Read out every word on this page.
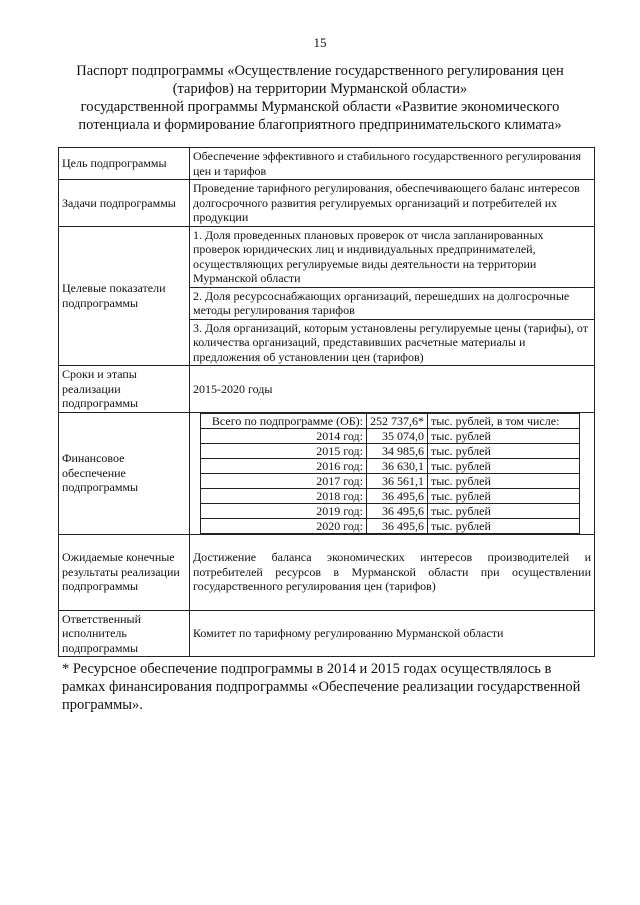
15
Паспорт подпрограммы «Осуществление государственного регулирования цен
(тарифов) на территории Мурманской области»
государственной программы Мурманской области «Развитие экономического
потенциала и формирование благоприятного предпринимательского климата»
Цель подпрограммы	Обеспечение эффективного и стабильного государственного регулирования цен и тарифов
Задачи подпрограммы	Проведение тарифного регулирования, обеспечивающего баланс интересов долгосрочного развития регулируемых организаций и потребителей их продукции
Целевые показатели подпрограммы	1. Доля проведенных плановых проверок от числа запланированных проверок юридических лиц и индивидуальных предпринимателей, осуществляющих регулируемые виды деятельности на территории Мурманской области
2. Доля ресурсоснабжающих организаций, перешедших на долгосрочные методы регулирования тарифов
3. Доля организаций, которым установлены регулируемые цены (тарифы), от количества организаций, представивших расчетные материалы и предложения об установлении цен (тарифов)
Сроки и этапы реализации подпрограммы	2015-2020 годы
Финансовое обеспечение подпрограммы	
Всего по подпрограмме (ОБ):	252 737,6*	тыс. рублей, в том числе:
2014 год:	35 074,0	тыс. рублей
2015 год:	34 985,6	тыс. рублей
2016 год:	36 630,1	тыс. рублей
2017 год:	36 561,1	тыс. рублей
2018 год:	36 495,6	тыс. рублей
2019 год:	36 495,6	тыс. рублей
2020 год:	36 495,6	тыс. рублей

Ожидаемые конечные результаты реализации подпрограммы	Достижение баланса экономических интересов производителей и потребителей ресурсов в Мурманской области при осуществлении государственного регулирования цен (тарифов)
Ответственный исполнитель подпрограммы	Комитет по тарифному регулированию Мурманской области
* Ресурсное обеспечение подпрограммы в 2014 и 2015 годах осуществлялось в рамках финансирования подпрограммы «Обеспечение реализации государственной программы».
